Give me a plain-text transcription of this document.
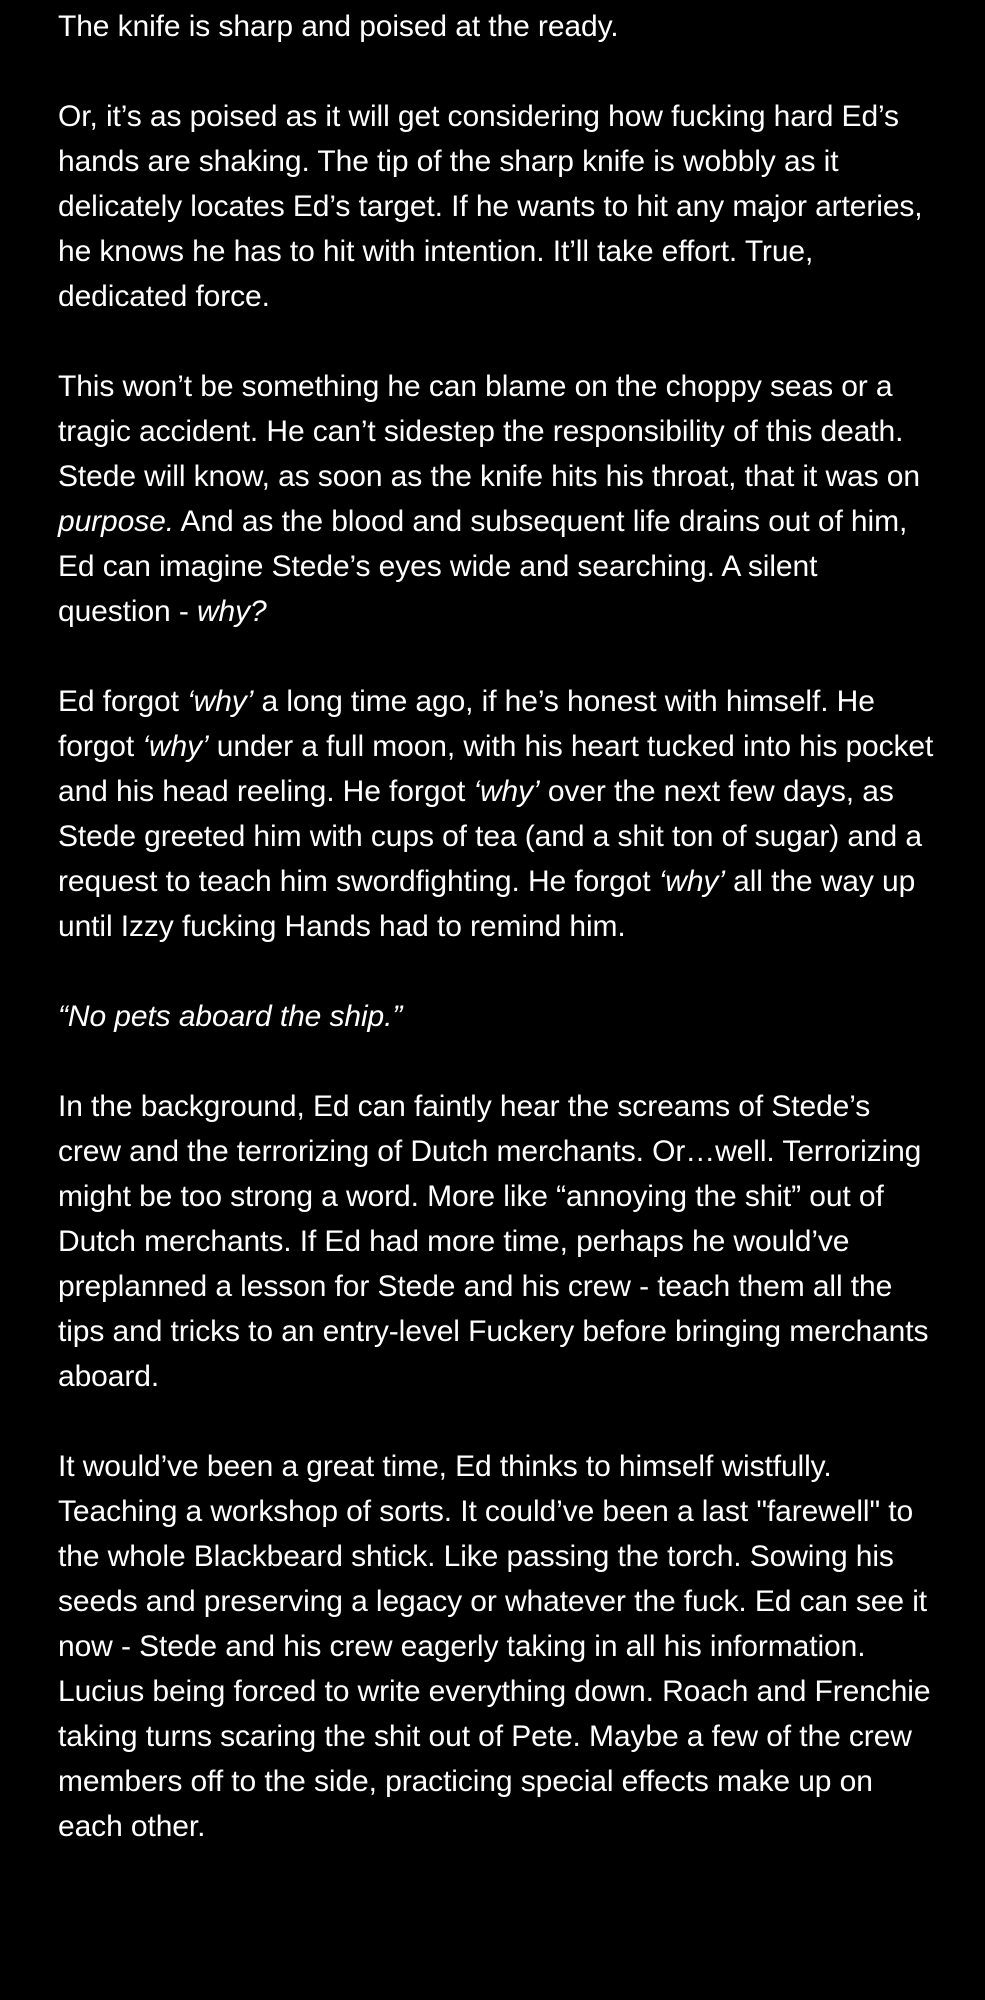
The knife is sharp and poised at the ready.

Or, it’s as poised as it will get considering how fucking hard Ed’s hands are shaking. The tip of the sharp knife is wobbly as it delicately locates Ed’s target. If he wants to hit any major arteries, he knows he has to hit with intention. It’ll take effort. True, dedicated force.

This won’t be something he can blame on the choppy seas or a tragic accident. He can’t sidestep the responsibility of this death. Stede will know, as soon as the knife hits his throat, that it was on purpose. And as the blood and subsequent life drains out of him, Ed can imagine Stede’s eyes wide and searching. A silent question - why?

Ed forgot ‘why’ a long time ago, if he’s honest with himself. He forgot ‘why’ under a full moon, with his heart tucked into his pocket and his head reeling. He forgot ‘why’ over the next few days, as Stede greeted him with cups of tea (and a shit ton of sugar) and a request to teach him swordfighting. He forgot ‘why’ all the way up until Izzy fucking Hands had to remind him.

“No pets aboard the ship.”

In the background, Ed can faintly hear the screams of Stede’s crew and the terrorizing of Dutch merchants. Or…well. Terrorizing might be too strong a word. More like “annoying the shit” out of Dutch merchants. If Ed had more time, perhaps he would’ve preplanned a lesson for Stede and his crew - teach them all the tips and tricks to an entry-level Fuckery before bringing merchants aboard.

It would’ve been a great time, Ed thinks to himself wistfully. Teaching a workshop of sorts. It could’ve been a last "farewell" to the whole Blackbeard shtick. Like passing the torch. Sowing his seeds and preserving a legacy or whatever the fuck. Ed can see it now - Stede and his crew eagerly taking in all his information. Lucius being forced to write everything down. Roach and Frenchie taking turns scaring the shit out of Pete. Maybe a few of the crew members off to the side, practicing special effects make up on each other.
